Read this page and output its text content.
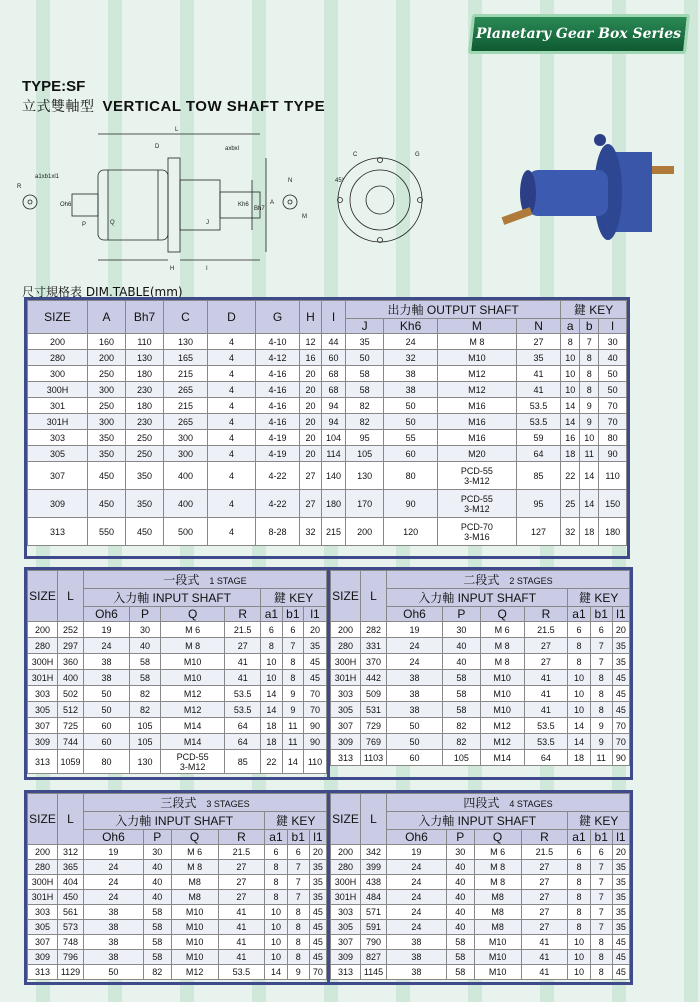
Planetary Gear Box Series
TYPE:SF
立式雙軸型 VERTICAL TOW SHAFT TYPE
L
D	axbxl
a1xb1xl1
R
Oh6
P	Q
Kh6
Bh7
A
J
H	I
C	G
45°
N
M
尺寸規格表 DIM.TABLE(mm)
SIZE	A	Bh7	C	D	G	H	I	出力軸 OUTPUT SHAFT				鍵 KEY		
								J	Kh6	M	N	a	b	l
200	160	110	130	4	4-10	12	44	35	24	M 8	27	8	7	30
280	200	130	165	4	4-12	16	60	50	32	M10	35	10	8	40
300	250	180	215	4	4-16	20	68	58	38	M12	41	10	8	50
300H	300	230	265	4	4-16	20	68	58	38	M12	41	10	8	50
301	250	180	215	4	4-16	20	94	82	50	M16	53.5	14	9	70
301H	300	230	265	4	4-16	20	94	82	50	M16	53.5	14	9	70
303	350	250	300	4	4-19	20	104	95	55	M16	59	16	10	80
305	350	250	300	4	4-19	20	114	105	60	M20	64	18	11	90
307	450	350	400	4	4-22	27	140	130	80	PCD-55
3-M12	85	22	14	110
309	450	350	400	4	4-22	27	180	170	90	PCD-55
3-M12	95	25	14	150
313	550	450	500	4	8-28	32	215	200	120	PCD-70
3-M16	127	32	18	180
SIZE	L	一段式 1 STAGE						
		入力軸 INPUT SHAFT				鍵 KEY		
		Oh6	P	Q	R	a1	b1	l1
200	252	19	30	M 6	21.5	6	6	20
280	297	24	40	M 8	27	8	7	35
300H	360	38	58	M10	41	10	8	45
301H	400	38	58	M10	41	10	8	45
303	502	50	82	M12	53.5	14	9	70
305	512	50	82	M12	53.5	14	9	70
307	725	60	105	M14	64	18	11	90
309	744	60	105	M14	64	18	11	90
313	1059	80	130	PCD-55
3-M12	85	22	14	110
SIZE	L	二段式 2 STAGES						
		入力軸 INPUT SHAFT				鍵 KEY		
		Oh6	P	Q	R	a1	b1	l1
200	282	19	30	M 6	21.5	6	6	20
280	331	24	40	M 8	27	8	7	35
300H	370	24	40	M 8	27	8	7	35
301H	442	38	58	M10	41	10	8	45
303	509	38	58	M10	41	10	8	45
305	531	38	58	M10	41	10	8	45
307	729	50	82	M12	53.5	14	9	70
309	769	50	82	M12	53.5	14	9	70
313	1103	60	105	M14	64	18	11	90
SIZE	L	三段式 3 STAGES						
		入力軸 INPUT SHAFT				鍵 KEY		
		Oh6	P	Q	R	a1	b1	l1
200	312	19	30	M 6	21.5	6	6	20
280	365	24	40	M 8	27	8	7	35
300H	404	24	40	M8	27	8	7	35
301H	450	24	40	M8	27	8	7	35
303	561	38	58	M10	41	10	8	45
305	573	38	58	M10	41	10	8	45
307	748	38	58	M10	41	10	8	45
309	796	38	58	M10	41	10	8	45
313	1129	50	82	M12	53.5	14	9	70
SIZE	L	四段式 4 STAGES						
		入力軸 INPUT SHAFT				鍵 KEY		
		Oh6	P	Q	R	a1	b1	l1
200	342	19	30	M 6	21.5	6	6	20
280	399	24	40	M 8	27	8	7	35
300H	438	24	40	M 8	27	8	7	35
301H	484	24	40	M8	27	8	7	35
303	571	24	40	M8	27	8	7	35
305	591	24	40	M8	27	8	7	35
307	790	38	58	M10	41	10	8	45
309	827	38	58	M10	41	10	8	45
313	1145	38	58	M10	41	10	8	45
